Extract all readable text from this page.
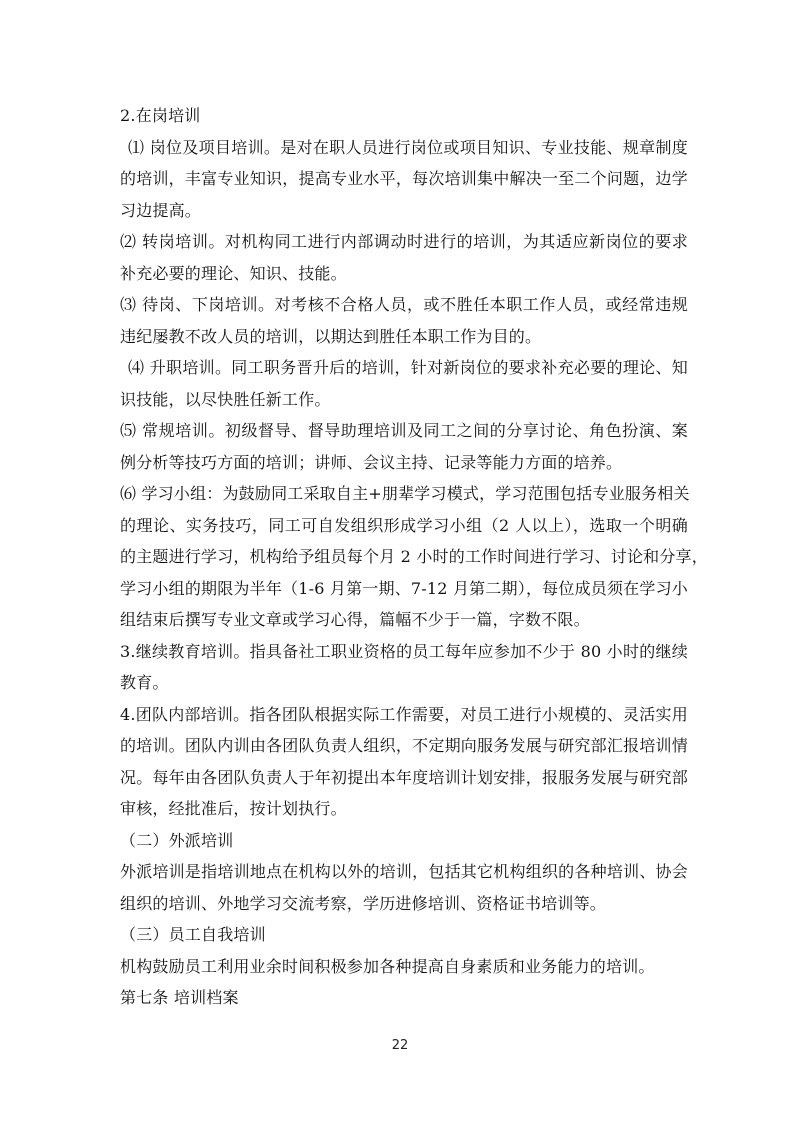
2.在岗培训
⑴ 岗位及项目培训。是对在职人员进行岗位或项目知识、专业技能、规章制度
的培训，丰富专业知识，提高专业水平，每次培训集中解决一至二个问题，边学
习边提高。
⑵ 转岗培训。对机构同工进行内部调动时进行的培训，为其适应新岗位的要求
补充必要的理论、知识、技能。
⑶ 待岗、下岗培训。对考核不合格人员，或不胜任本职工作人员，或经常违规
违纪屡教不改人员的培训，以期达到胜任本职工作为目的。
⑷ 升职培训。同工职务晋升后的培训，针对新岗位的要求补充必要的理论、知
识技能，以尽快胜任新工作。
⑸ 常规培训。初级督导、督导助理培训及同工之间的分享讨论、角色扮演、案
例分析等技巧方面的培训；讲师、会议主持、记录等能力方面的培养。
⑹ 学习小组：为鼓励同工采取自主+朋辈学习模式，学习范围包括专业服务相关
的理论、实务技巧，同工可自发组织形成学习小组（2 人以上），选取一个明确
的主题进行学习，机构给予组员每个月 2 小时的工作时间进行学习、讨论和分享，
学习小组的期限为半年（1-6 月第一期、7-12 月第二期），每位成员须在学习小
组结束后撰写专业文章或学习心得，篇幅不少于一篇，字数不限。
3.继续教育培训。指具备社工职业资格的员工每年应参加不少于 80 小时的继续
教育。
4.团队内部培训。指各团队根据实际工作需要，对员工进行小规模的、灵活实用
的培训。团队内训由各团队负责人组织，不定期向服务发展与研究部汇报培训情
况。每年由各团队负责人于年初提出本年度培训计划安排，报服务发展与研究部
审核，经批准后，按计划执行。
（二）外派培训
外派培训是指培训地点在机构以外的培训，包括其它机构组织的各种培训、协会
组织的培训、外地学习交流考察，学历进修培训、资格证书培训等。
（三）员工自我培训
机构鼓励员工利用业余时间积极参加各种提高自身素质和业务能力的培训。
第七条 培训档案
22
